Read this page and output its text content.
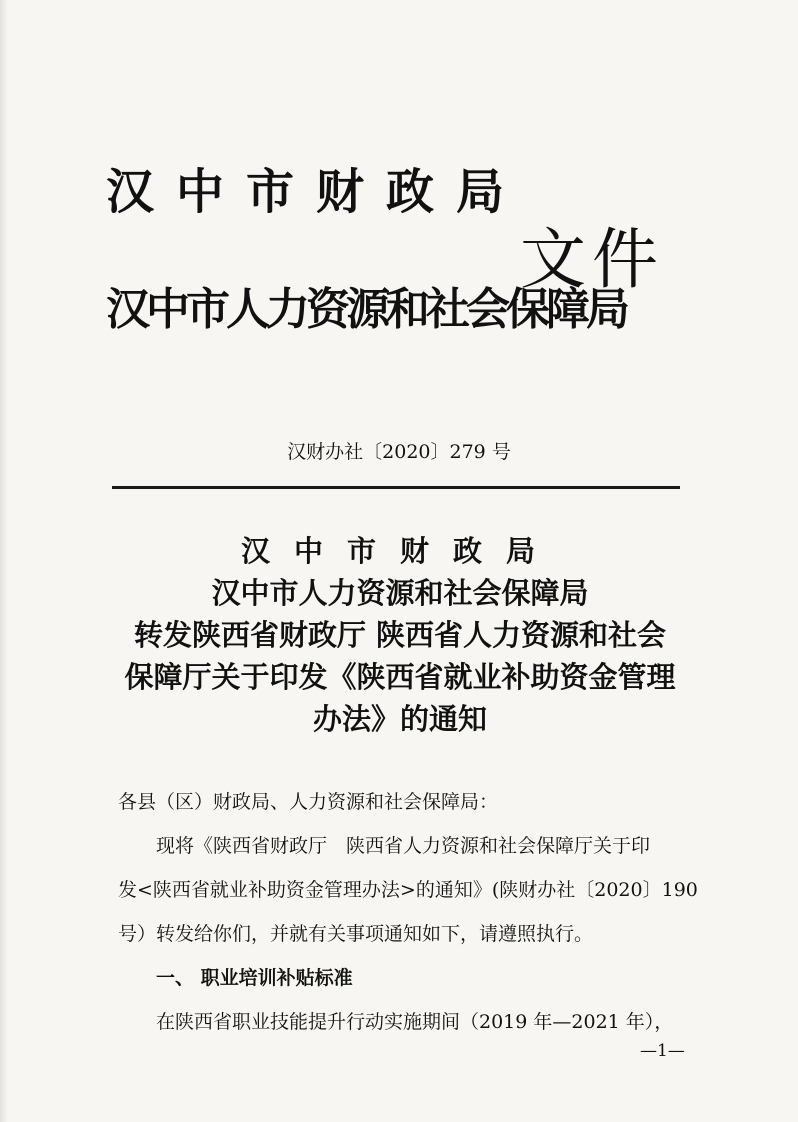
汉中市财政局
汉中市人力资源和社会保障局
文件
汉财办社〔2020〕279 号
汉中市财政局
汉中市人力资源和社会保障局
转发陕西省财政厅 陕西省人力资源和社会
保障厅关于印发《陕西省就业补助资金管理
办法》的通知
各县（区）财政局、人力资源和社会保障局：
现将《陕西省财政厅　陕西省人力资源和社会保障厅关于印
发<陕西省就业补助资金管理办法>的通知》(陕财办社〔2020〕190
号）转发给你们，并就有关事项通知如下，请遵照执行。
一、 职业培训补贴标准
在陕西省职业技能提升行动实施期间（2019 年—2021 年），
—1—
